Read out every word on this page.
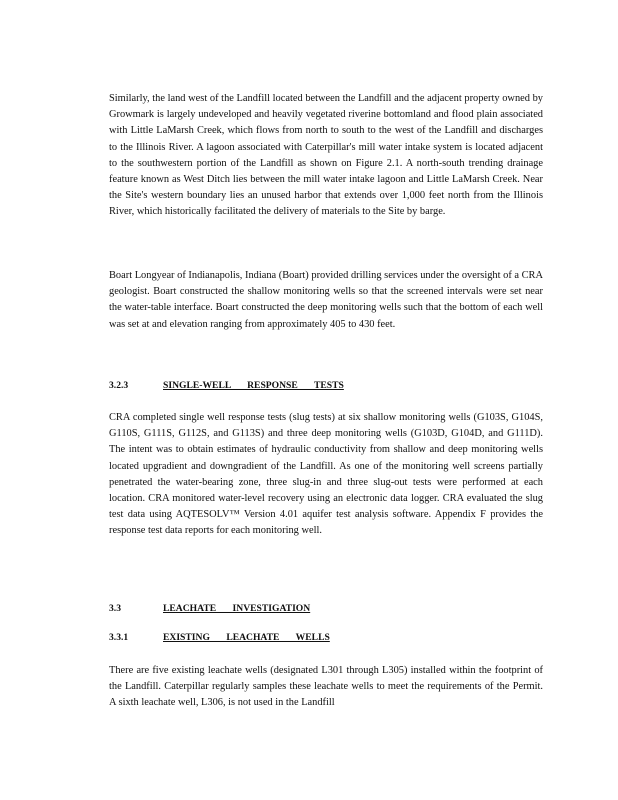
Similarly, the land west of the Landfill located between the Landfill and the adjacent property owned by Growmark is largely undeveloped and heavily vegetated riverine bottomland and flood plain associated with Little LaMarsh Creek, which flows from north to south to the west of the Landfill and discharges to the Illinois River. A lagoon associated with Caterpillar's mill water intake system is located adjacent to the southwestern portion of the Landfill as shown on Figure 2.1. A north-south trending drainage feature known as West Ditch lies between the mill water intake lagoon and Little LaMarsh Creek. Near the Site's western boundary lies an unused harbor that extends over 1,000 feet north from the Illinois River, which historically facilitated the delivery of materials to the Site by barge.

Boart Longyear of Indianapolis, Indiana (Boart) provided drilling services under the oversight of a CRA geologist. Boart constructed the shallow monitoring wells so that the screened intervals were set near the water-table interface. Boart constructed the deep monitoring wells such that the bottom of each well was set at and elevation ranging from approximately 405 to 430 feet.

3.2.3	SINGLE-WELL RESPONSE TESTS

CRA completed single well response tests (slug tests) at six shallow monitoring wells (G103S, G104S, G110S, G111S, G112S, and G113S) and three deep monitoring wells (G103D, G104D, and G111D). The intent was to obtain estimates of hydraulic conductivity from shallow and deep monitoring wells located upgradient and downgradient of the Landfill. As one of the monitoring well screens partially penetrated the water-bearing zone, three slug-in and three slug-out tests were performed at each location. CRA monitored water-level recovery using an electronic data logger. CRA evaluated the slug test data using AQTESOLV™ Version 4.01 aquifer test analysis software. Appendix F provides the response test data reports for each monitoring well.

3.3	LEACHATE INVESTIGATION
3.3.1	EXISTING LEACHATE WELLS

There are five existing leachate wells (designated L301 through L305) installed within the footprint of the Landfill. Caterpillar regularly samples these leachate wells to meet the requirements of the Permit. A sixth leachate well, L306, is not used in the Landfill
